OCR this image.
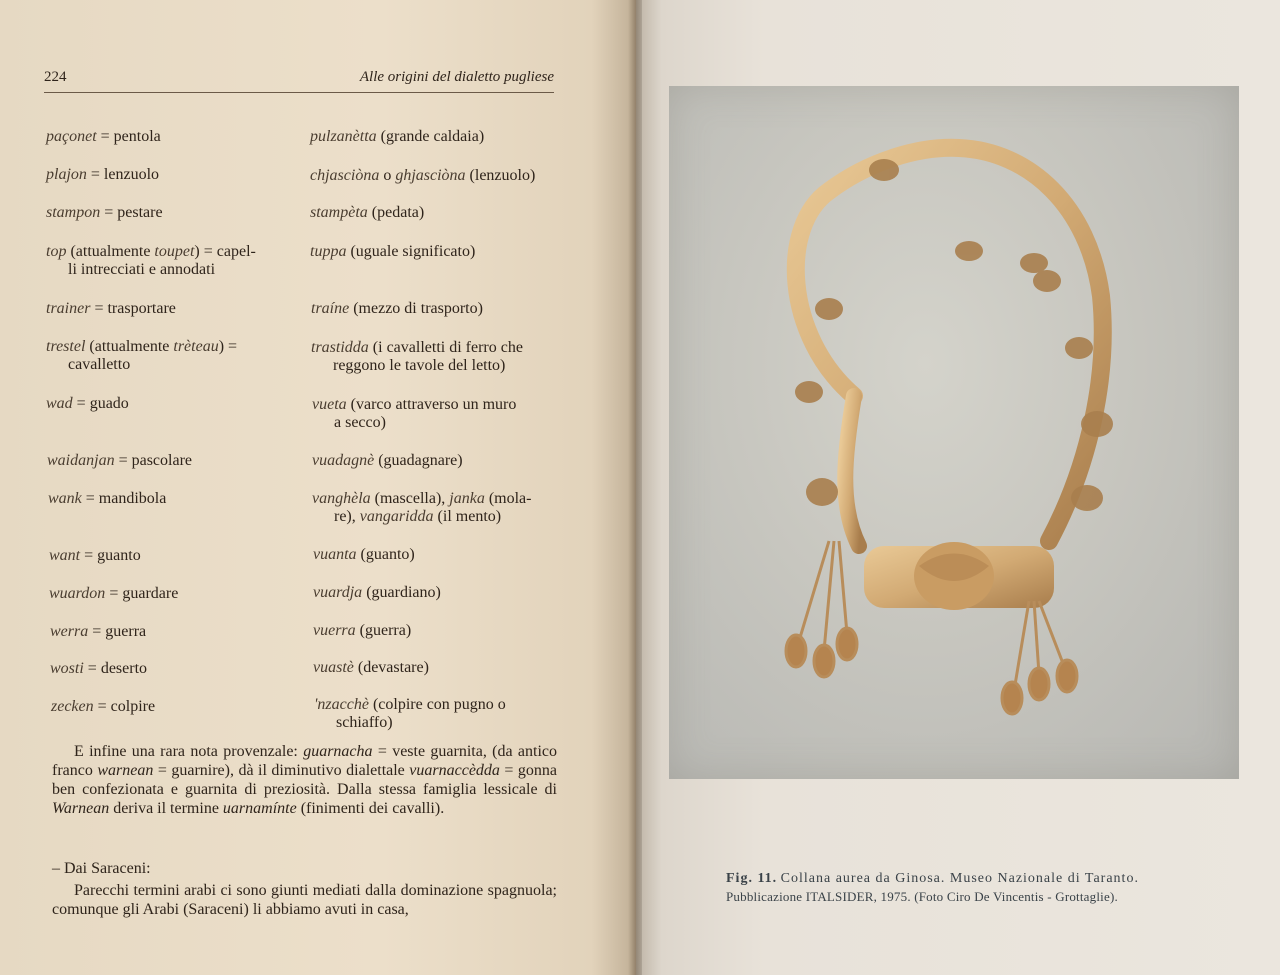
224	Alle origini del dialetto pugliese
paçonet = pentola
plajon = lenzuolo
stampon = pestare
top (attualmente toupet) = capel-
li intrecciati e annodati
trainer = trasportare
trestel (attualmente trèteau) =
cavalletto
wad = guado
waidanjan = pascolare
wank = mandibola
want = guanto
wuardon = guardare
werra = guerra
wosti = deserto
zecken = colpire
pulzanètta (grande caldaia)
chjasciòna o ghjasciòna (lenzuolo)
stampèta (pedata)
tuppa (uguale significato)
traíne (mezzo di trasporto)
trastidda (i cavalletti di ferro che
reggono le tavole del letto)
vueta (varco attraverso un muro
a secco)
vuadagnè (guadagnare)
vanghèla (mascella), janka (mola-
re), vangaridda (il mento)
vuanta (guanto)
vuardja (guardiano)
vuerra (guerra)
vuastè (devastare)
'nzacchè (colpire con pugno o
schiaffo)
E infine una rara nota provenzale: guarnacha = veste guarnita, (da antico franco warnean = guarnire), dà il diminutivo dialettale vuarnaccèdda = gonna ben confezionata e guarnita di preziosità. Dalla stessa famiglia lessicale di Warnean deriva il termine uarnamínte (finimenti dei cavalli).
– Dai Saraceni:
Parecchi termini arabi ci sono giunti mediati dalla dominazione spagnuola; comunque gli Arabi (Saraceni) li abbiamo avuti in casa,
Fig. 11. Collana aurea da Ginosa. Museo Nazionale di Taranto.
Pubblicazione ITALSIDER, 1975. (Foto Ciro De Vincentis - Grottaglie).
